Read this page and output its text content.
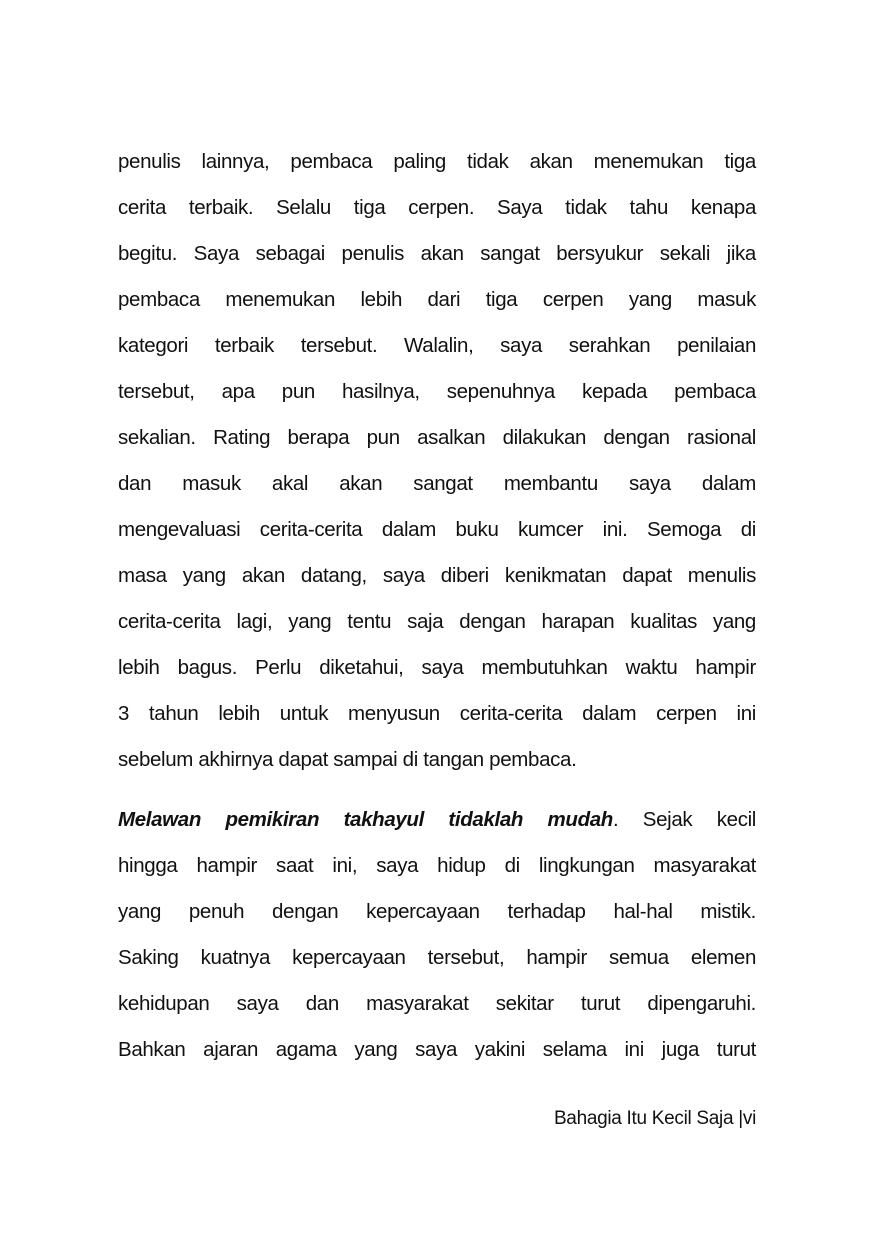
penulis lainnya, pembaca paling tidak akan menemukan tiga
cerita terbaik. Selalu tiga cerpen. Saya tidak tahu kenapa
begitu. Saya sebagai penulis akan sangat bersyukur sekali jika
pembaca menemukan lebih dari tiga cerpen yang masuk
kategori terbaik tersebut. Walalin, saya serahkan penilaian
tersebut, apa pun hasilnya, sepenuhnya kepada pembaca
sekalian. Rating berapa pun asalkan dilakukan dengan rasional
dan masuk akal akan sangat membantu saya dalam
mengevaluasi cerita-cerita dalam buku kumcer ini. Semoga di
masa yang akan datang, saya diberi kenikmatan dapat menulis
cerita-cerita lagi, yang tentu saja dengan harapan kualitas yang
lebih bagus. Perlu diketahui, saya membutuhkan waktu hampir
3 tahun lebih untuk menyusun cerita-cerita dalam cerpen ini
sebelum akhirnya dapat sampai di tangan pembaca.
Melawan pemikiran takhayul tidaklah mudah. Sejak kecil
hingga hampir saat ini, saya hidup di lingkungan masyarakat
yang penuh dengan kepercayaan terhadap hal-hal mistik.
Saking kuatnya kepercayaan tersebut, hampir semua elemen
kehidupan saya dan masyarakat sekitar turut dipengaruhi.
Bahkan ajaran agama yang saya yakini selama ini juga turut
Bahagia Itu Kecil Saja |vi
